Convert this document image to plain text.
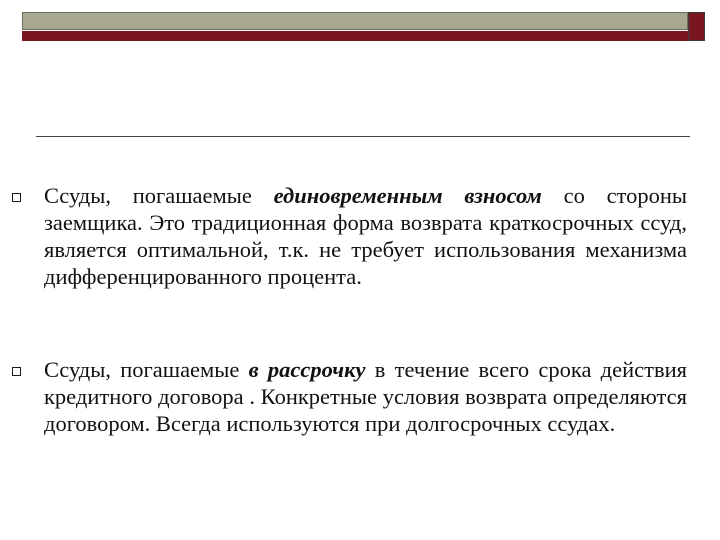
Ссуды, погашаемые единовременным взносом со стороны заемщика. Это традиционная форма возврата краткосрочных ссуд, является оптимальной, т.к. не требует использования механизма дифференцированного процента.

Ссуды, погашаемые в рассрочку в течение всего срока действия кредитного договора . Конкретные условия возврата определяются договором. Всегда используются при долгосрочных ссудах.
